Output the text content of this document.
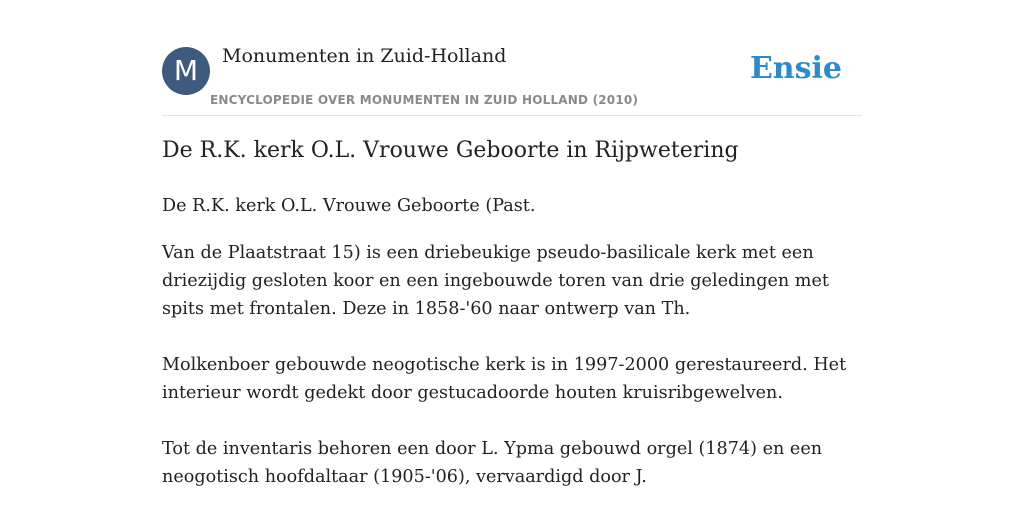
M	Monumenten in Zuid-Holland
ENCYCLOPEDIE OVER MONUMENTEN IN ZUID HOLLAND (2010)
Ensie
De R.K. kerk O.L. Vrouwe Geboorte in Rijpwetering

De R.K. kerk O.L. Vrouwe Geboorte (Past.

Van de Plaatstraat 15) is een driebeukige pseudo-basilicale kerk met een driezijdig gesloten koor en een ingebouwde toren van drie geledingen met spits met frontalen. Deze in 1858-'60 naar ontwerp van Th.

Molkenboer gebouwde neogotische kerk is in 1997-2000 gerestaureerd. Het interieur wordt gedekt door gestucadoorde houten kruisribgewelven.

Tot de inventaris behoren een door L. Ypma gebouwd orgel (1874) en een neogotisch hoofdaltaar (1905-'06), vervaardigd door J.
